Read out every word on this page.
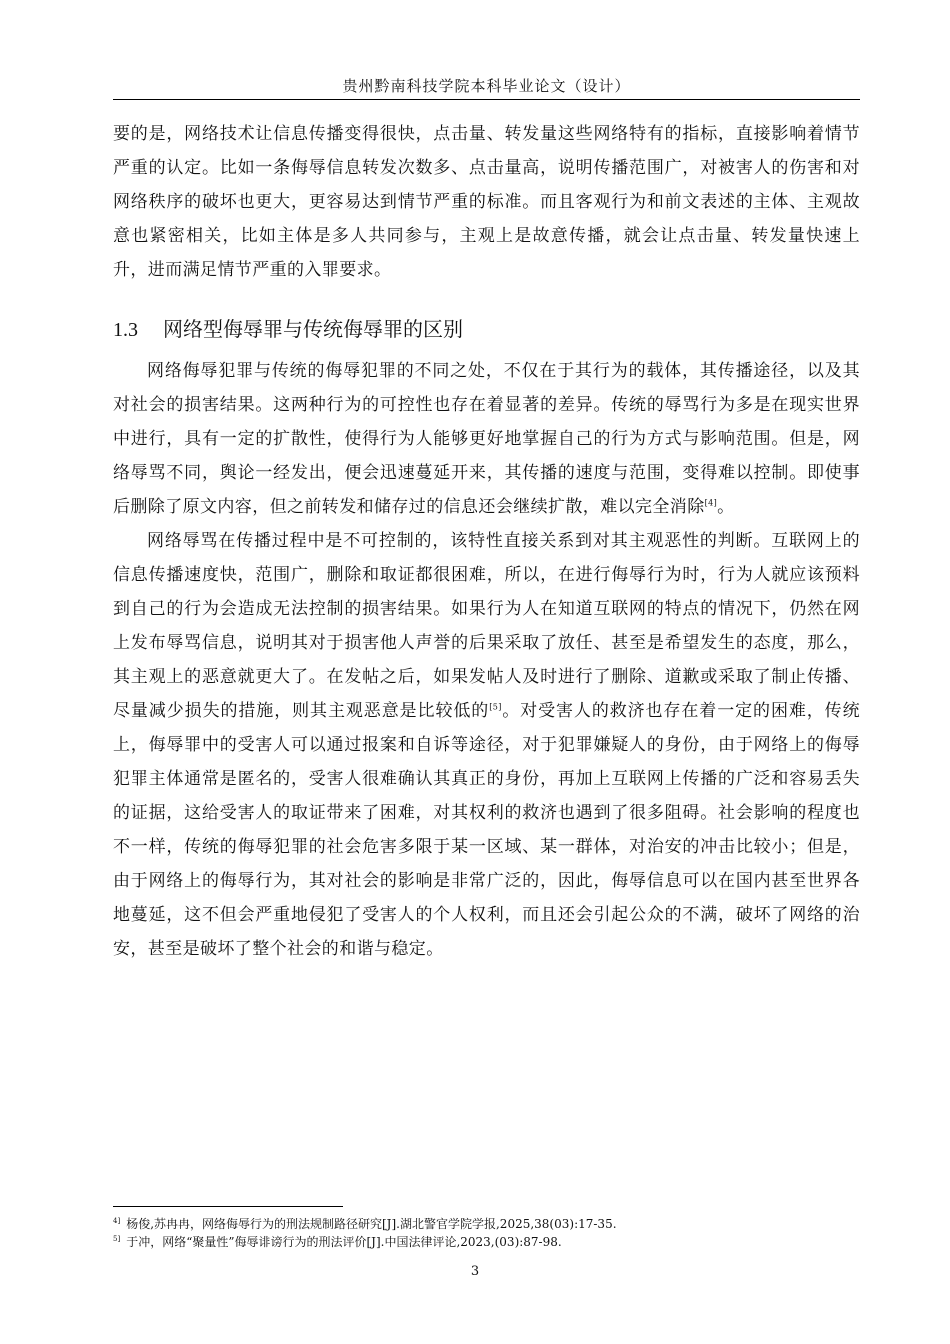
贵州黔南科技学院本科毕业论文（设计）

要的是，网络技术让信息传播变得很快，点击量、转发量这些网络特有的指标，直接影响着情节严重的认定。比如一条侮辱信息转发次数多、点击量高，说明传播范围广，对被害人的伤害和对网络秩序的破坏也更大，更容易达到情节严重的标准。而且客观行为和前文表述的主体、主观故意也紧密相关，比如主体是多人共同参与，主观上是故意传播，就会让点击量、转发量快速上升，进而满足情节严重的入罪要求。

1.3 网络型侮辱罪与传统侮辱罪的区别

网络侮辱犯罪与传统的侮辱犯罪的不同之处，不仅在于其行为的载体，其传播途径，以及其对社会的损害结果。这两种行为的可控性也存在着显著的差异。传统的辱骂行为多是在现实世界中进行，具有一定的扩散性，使得行为人能够更好地掌握自己的行为方式与影响范围。但是，网络辱骂不同，舆论一经发出，便会迅速蔓延开来，其传播的速度与范围，变得难以控制。即使事后删除了原文内容，但之前转发和储存过的信息还会继续扩散，难以完全消除[4]。

网络辱骂在传播过程中是不可控制的，该特性直接关系到对其主观恶性的判断。互联网上的信息传播速度快，范围广，删除和取证都很困难，所以，在进行侮辱行为时，行为人就应该预料到自己的行为会造成无法控制的损害结果。如果行为人在知道互联网的特点的情况下，仍然在网上发布辱骂信息，说明其对于损害他人声誉的后果采取了放任、甚至是希望发生的态度，那么，其主观上的恶意就更大了。在发帖之后，如果发帖人及时进行了删除、道歉或采取了制止传播、尽量减少损失的措施，则其主观恶意是比较低的[5]。对受害人的救济也存在着一定的困难，传统上，侮辱罪中的受害人可以通过报案和自诉等途径，对于犯罪嫌疑人的身份，由于网络上的侮辱犯罪主体通常是匿名的，受害人很难确认其真正的身份，再加上互联网上传播的广泛和容易丢失的证据，这给受害人的取证带来了困难，对其权利的救济也遇到了很多阻碍。社会影响的程度也不一样，传统的侮辱犯罪的社会危害多限于某一区域、某一群体，对治安的冲击比较小；但是，由于网络上的侮辱行为，其对社会的影响是非常广泛的，因此，侮辱信息可以在国内甚至世界各地蔓延，这不但会严重地侵犯了受害人的个人权利，而且还会引起公众的不满，破坏了网络的治安，甚至是破坏了整个社会的和谐与稳定。

$^{4]}$ 杨俊,苏冉冉，网络侮辱行为的刑法规制路径研究[J].湖北警官学院学报,2025,38(03):17-35.
$^{5]}$ 于冲，网络“聚量性”侮辱诽谤行为的刑法评价[J].中国法律评论,2023,(03):87-98.
3
